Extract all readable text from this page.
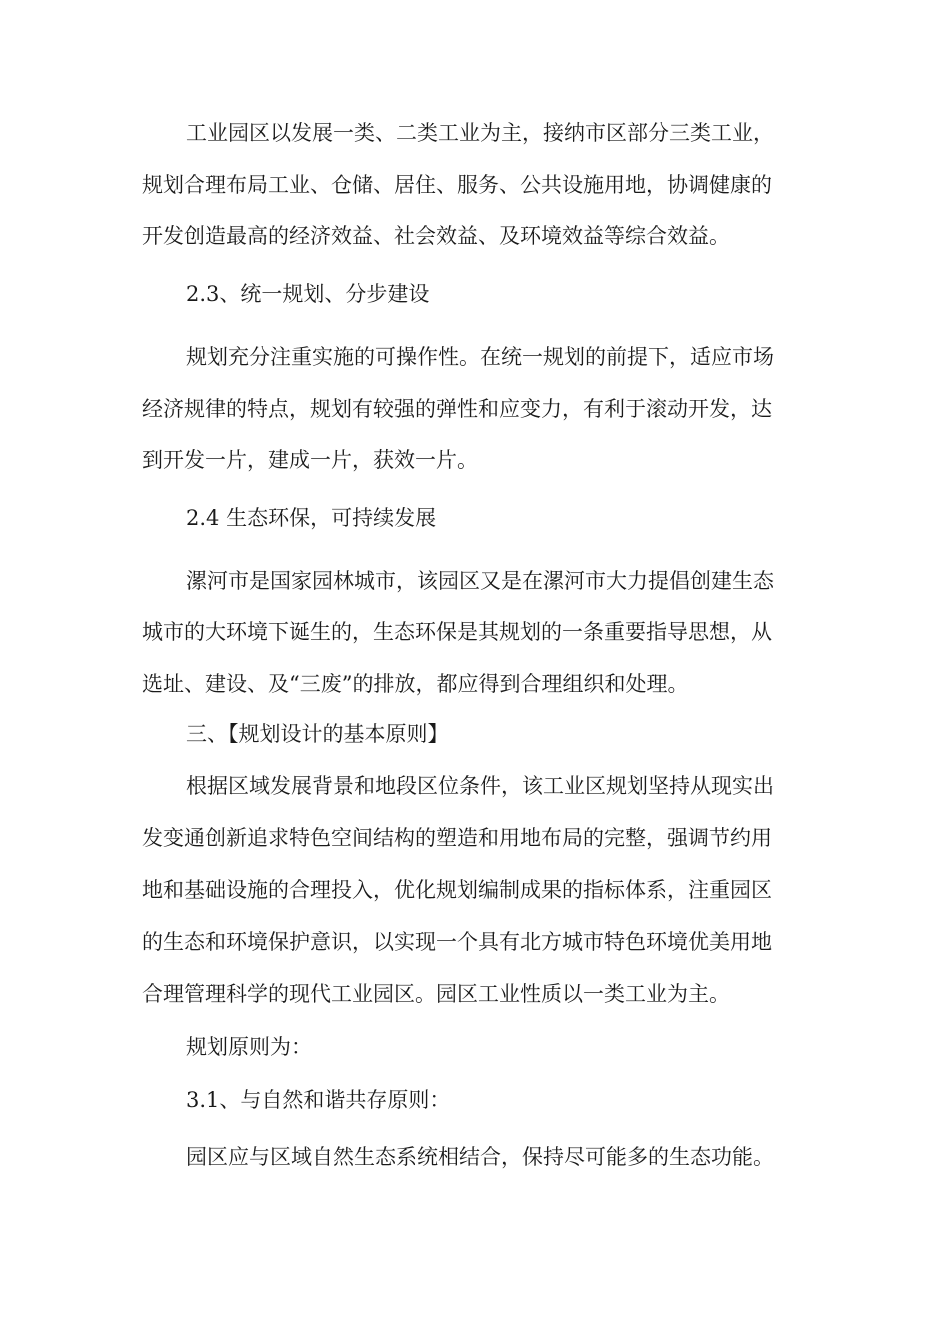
工业园区以发展一类、二类工业为主，接纳市区部分三类工业，
规划合理布局工业、仓储、居住、服务、公共设施用地，协调健康的
开发创造最高的经济效益、社会效益、及环境效益等综合效益。
2.3、统一规划、分步建设
规划充分注重实施的可操作性。在统一规划的前提下，适应市场
经济规律的特点，规划有较强的弹性和应变力，有利于滚动开发，达
到开发一片，建成一片，获效一片。
2.4 生态环保，可持续发展
漯河市是国家园林城市，该园区又是在漯河市大力提倡创建生态
城市的大环境下诞生的，生态环保是其规划的一条重要指导思想，从
选址、建设、及“三废”的排放，都应得到合理组织和处理。
三、【规划设计的基本原则】
根据区域发展背景和地段区位条件，该工业区规划坚持从现实出
发变通创新追求特色空间结构的塑造和用地布局的完整，强调节约用
地和基础设施的合理投入，优化规划编制成果的指标体系，注重园区
的生态和环境保护意识，以实现一个具有北方城市特色环境优美用地
合理管理科学的现代工业园区。园区工业性质以一类工业为主。
规划原则为：
3.1、与自然和谐共存原则：
园区应与区域自然生态系统相结合，保持尽可能多的生态功能。
